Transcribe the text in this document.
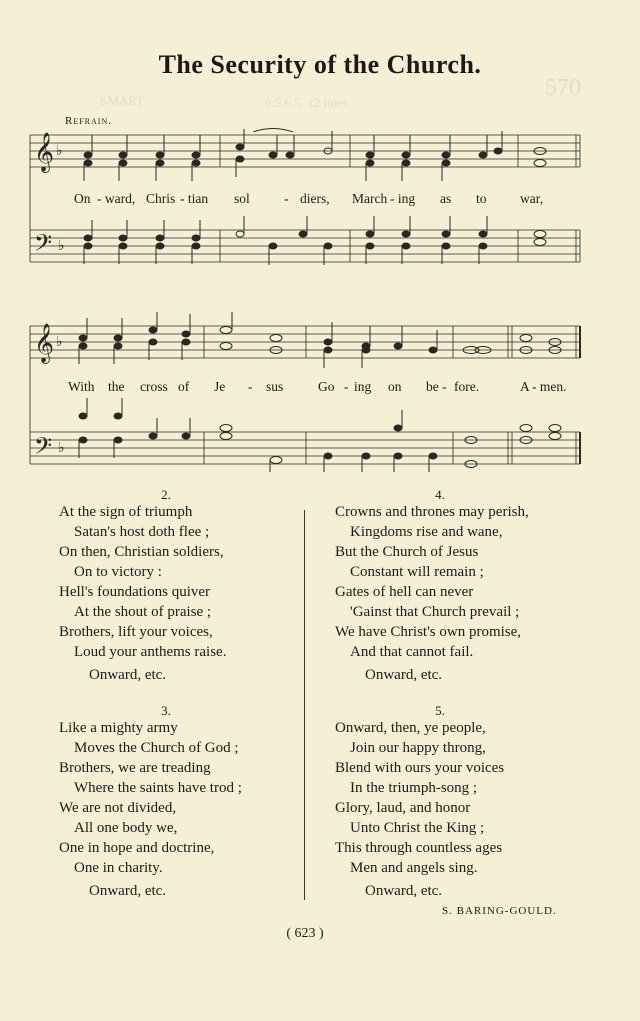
570
6.5.6.5. 12 lines.
SMART.
The Security of the Church.
Refrain.
𝄞
𝄢
♭
♭
On - ward, Chris - tian sol	- diers, March - ing as to war,
𝄞
𝄢
♭
♭
With the cross of Je - sus	Go - ing on be - fore.	A - men.
2.
At the sign of triumph
Satan's host doth flee ;
On then, Christian soldiers,
On to victory :
Hell's foundations quiver
At the shout of praise ;
Brothers, lift your voices,
Loud your anthems raise.
Onward, etc.
4.
Crowns and thrones may perish,
Kingdoms rise and wane,
But the Church of Jesus
Constant will remain ;
Gates of hell can never
'Gainst that Church prevail ;
We have Christ's own promise,
And that cannot fail.
Onward, etc.
3.
Like a mighty army
Moves the Church of God ;
Brothers, we are treading
Where the saints have trod ;
We are not divided,
All one body we,
One in hope and doctrine,
One in charity.
Onward, etc.
5.
Onward, then, ye people,
Join our happy throng,
Blend with ours your voices
In the triumph-song ;
Glory, laud, and honor
Unto Christ the King ;
This through countless ages
Men and angels sing.
Onward, etc.
S. BARING-GOULD.
( 623 )
